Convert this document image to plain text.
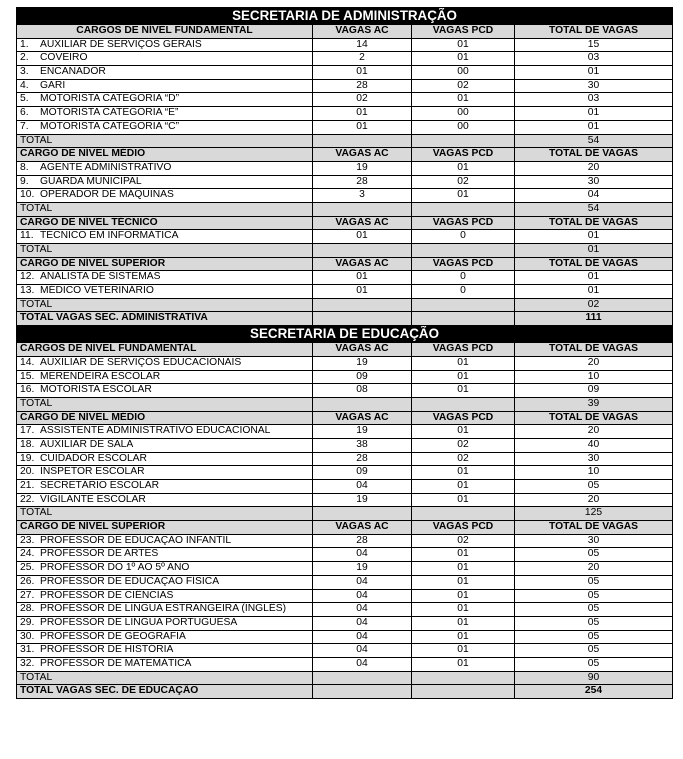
SECRETARIA DE ADMINISTRAÇÃO			
CARGOS DE NÍVEL FUNDAMENTAL	VAGAS AC	VAGAS PCD	TOTAL DE VAGAS
1. AUXILIAR DE SERVIÇOS GERAIS	14	01	15
2. COVEIRO	2	01	03
3. ENCANADOR	01	00	01
4. GARI	28	02	30
5. MOTORISTA CATEGORIA “D”	02	01	03
6. MOTORISTA CATEGORIA “E”	01	00	01
7. MOTORISTA CATEGORIA “C”	01	00	01
TOTAL			54
CARGO DE NÍVEL MÉDIO	VAGAS AC	VAGAS PCD	TOTAL DE VAGAS
8. AGENTE ADMINISTRATIVO	19	01	20
9. GUARDA MUNICIPAL	28	02	30
10. OPERADOR DE MÁQUINAS	3	01	04
TOTAL			54
CARGO DE NÍVEL TÉCNICO	VAGAS AC	VAGAS PCD	TOTAL DE VAGAS
11. TÉCNICO EM INFORMÁTICA	01	0	01
TOTAL			01
CARGO DE NÍVEL SUPERIOR	VAGAS AC	VAGAS PCD	TOTAL DE VAGAS
12. ANALISTA DE SISTEMAS	01	0	01
13. MÉDICO VETERINÁRIO	01	0	01
TOTAL			02
TOTAL VAGAS SEC. ADMINISTRATIVA			111
SECRETARIA DE EDUCAÇÃO			
CARGOS DE NÍVEL FUNDAMENTAL	VAGAS AC	VAGAS PCD	TOTAL DE VAGAS
14. AUXILIAR DE SERVIÇOS EDUCACIONAIS	19	01	20
15. MERENDEIRA ESCOLAR	09	01	10
16. MOTORISTA ESCOLAR	08	01	09
TOTAL			39
CARGO DE NÍVEL MÉDIO	VAGAS AC	VAGAS PCD	TOTAL DE VAGAS
17. ASSISTENTE ADMINISTRATIVO EDUCACIONAL	19	01	20
18. AUXILIAR DE SALA	38	02	40
19. CUIDADOR ESCOLAR	28	02	30
20. INSPETOR ESCOLAR	09	01	10
21. SECRETÁRIO ESCOLAR	04	01	05
22. VIGILANTE ESCOLAR	19	01	20
TOTAL			125
CARGO DE NÍVEL SUPERIOR	VAGAS AC	VAGAS PCD	TOTAL DE VAGAS
23. PROFESSOR DE EDUCAÇÃO INFANTIL	28	02	30
24. PROFESSOR DE ARTES	04	01	05
25. PROFESSOR DO 1º AO 5º ANO	19	01	20
26. PROFESSOR DE EDUCAÇÃO FÍSICA	04	01	05
27. PROFESSOR DE CIÊNCIAS	04	01	05
28. PROFESSOR DE LINGUA ESTRANGEIRA (INGLÊS)	04	01	05
29. PROFESSOR DE LINGUA PORTUGUESA	04	01	05
30. PROFESSOR DE GEOGRAFIA	04	01	05
31. PROFESSOR DE HISTÓRIA	04	01	05
32. PROFESSOR DE MATEMÁTICA	04	01	05
TOTAL			90
TOTAL VAGAS SEC. DE EDUCAÇÃO			254
